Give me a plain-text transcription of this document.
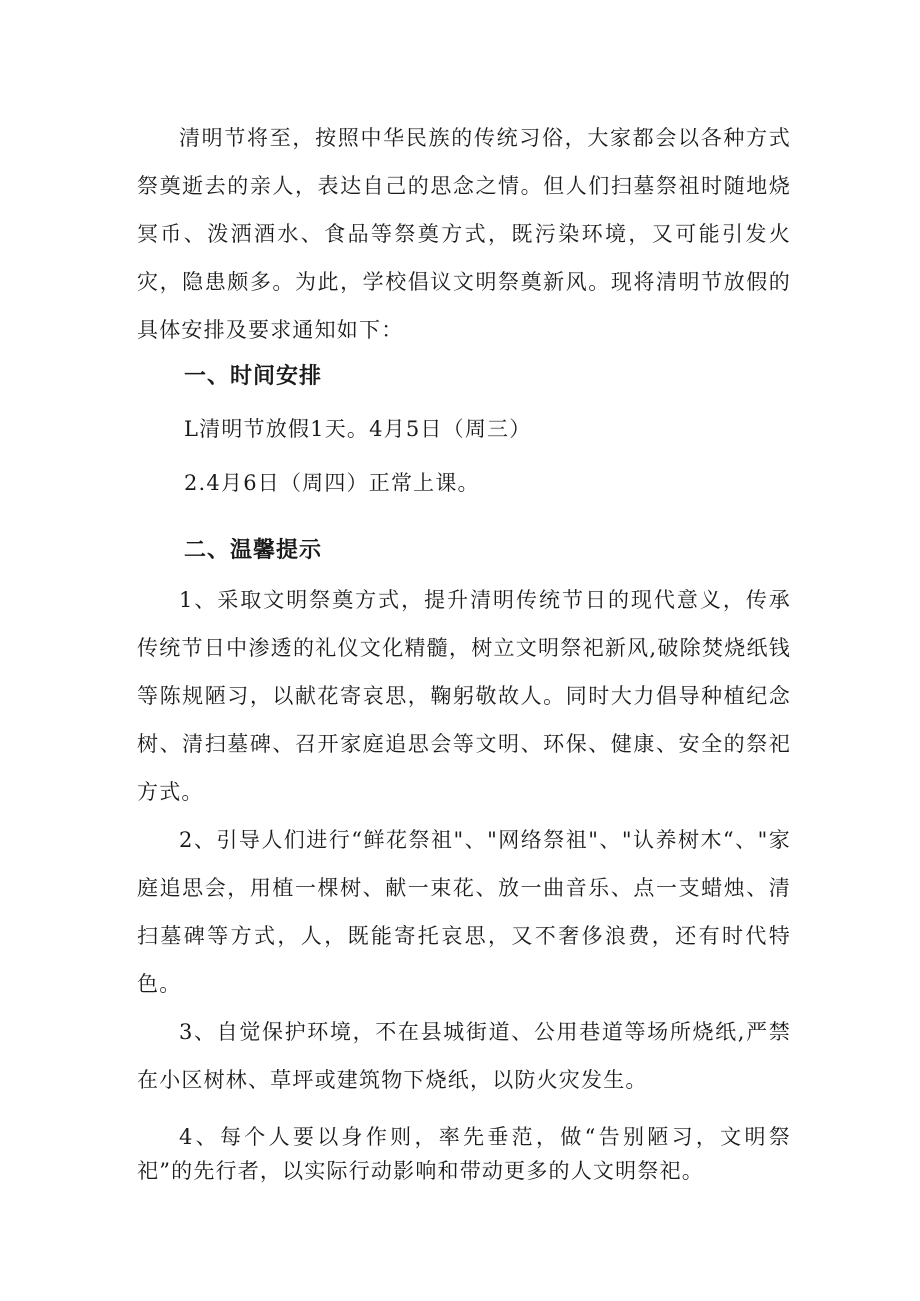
清明节将至，按照中华民族的传统习俗，大家都会以各种方式祭奠逝去的亲人，表达自己的思念之情。但人们扫墓祭祖时随地烧冥币、泼洒酒水、食品等祭奠方式，既污染环境，又可能引发火灾，隐患颇多。为此，学校倡议文明祭奠新风。现将清明节放假的具体安排及要求通知如下：

一、时间安排

L清明节放假1天。4月5日（周三）

2.4月6日（周四）正常上课。

二、温馨提示

1、采取文明祭奠方式，提升清明传统节日的现代意义，传承传统节日中渗透的礼仪文化精髓，树立文明祭祀新风,破除焚烧纸钱等陈规陋习，以献花寄哀思，鞠躬敬故人。同时大力倡导种植纪念树、清扫墓碑、召开家庭追思会等文明、环保、健康、安全的祭祀方式。

2、引导人们进行“鲜花祭祖"、"网络祭祖"、"认养树木“、"家庭追思会，用植一棵树、献一束花、放一曲音乐、点一支蜡烛、清扫墓碑等方式，人，既能寄托哀思，又不奢侈浪费，还有时代特色。

3、自觉保护环境，不在县城街道、公用巷道等场所烧纸,严禁在小区树林、草坪或建筑物下烧纸，以防火灾发生。

4、每个人要以身作则，率先垂范，做“告别陋习，文明祭祀”的先行者，以实际行动影响和带动更多的人文明祭祀。
